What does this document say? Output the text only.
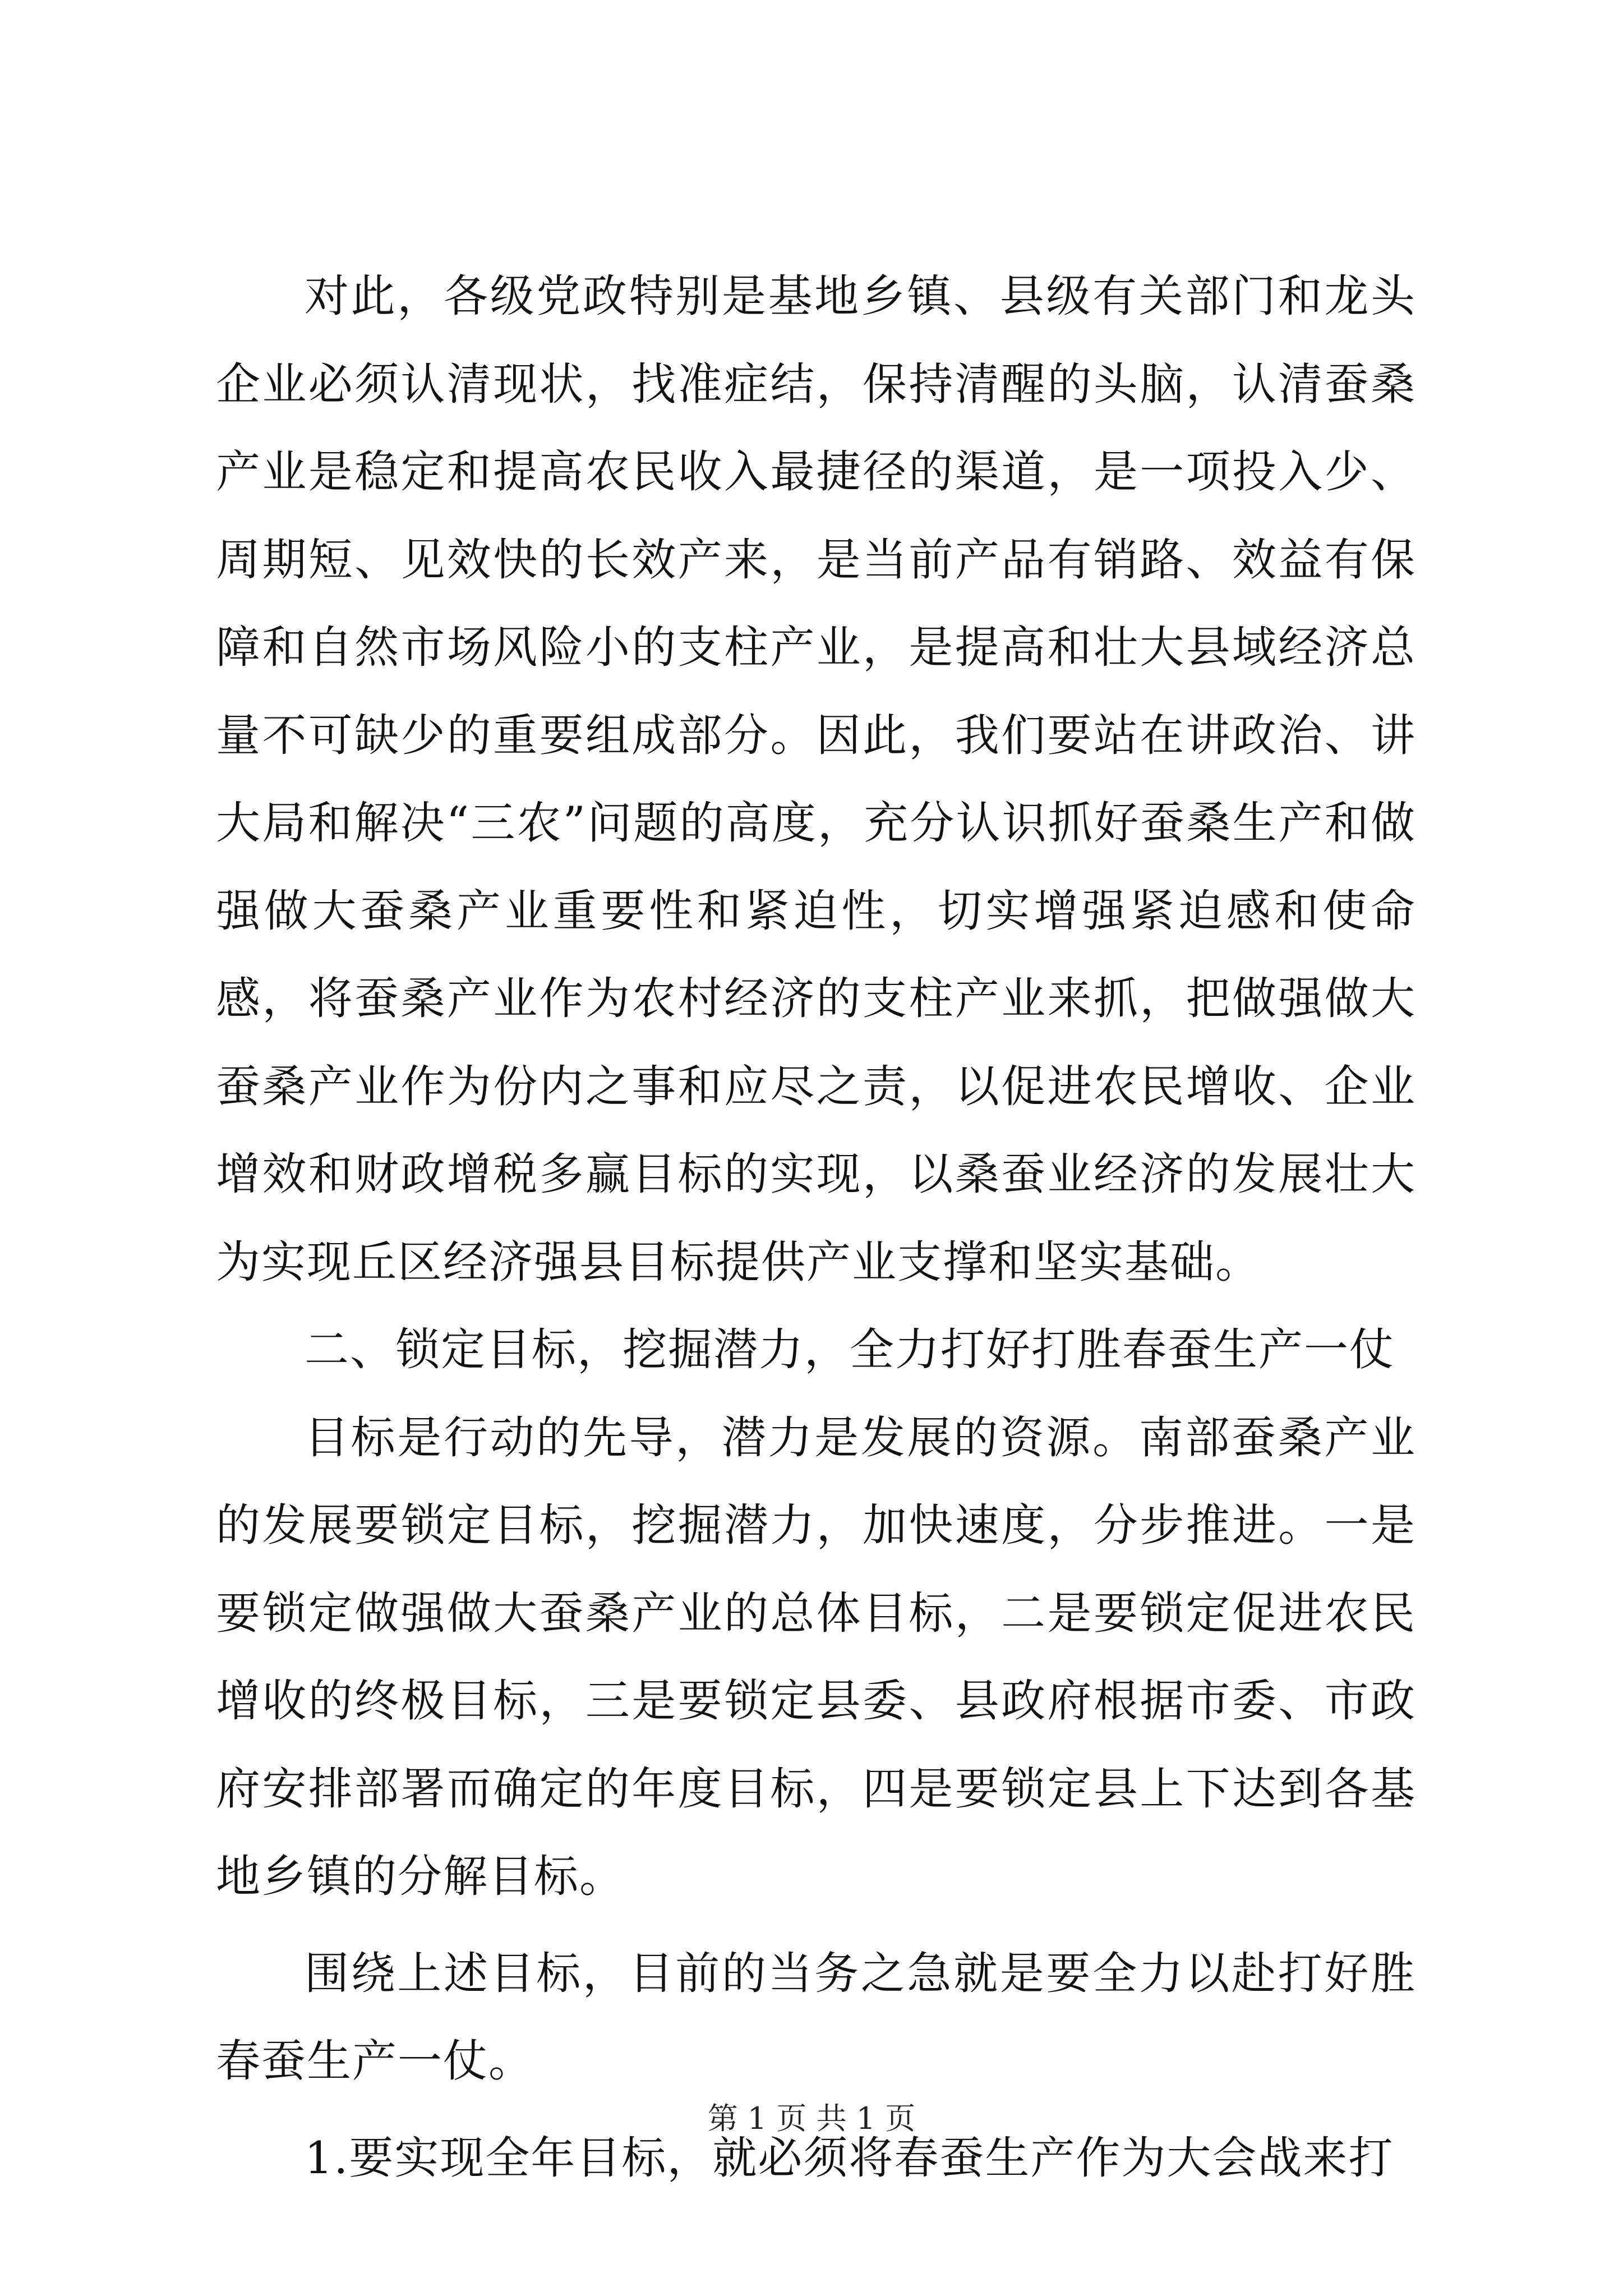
对此，各级党政特别是基地乡镇、县级有关部门和龙头企业必须认清现状，找准症结，保持清醒的头脑，认清蚕桑产业是稳定和提高农民收入最捷径的渠道，是一项投入少、周期短、见效快的长效产来，是当前产品有销路、效益有保障和自然市场风险小的支柱产业，是提高和壮大县域经济总量不可缺少的重要组成部分。因此，我们要站在讲政治、讲大局和解决“三农”问题的高度，充分认识抓好蚕桑生产和做强做大蚕桑产业重要性和紧迫性，切实增强紧迫感和使命感，将蚕桑产业作为农村经济的支柱产业来抓，把做强做大蚕桑产业作为份内之事和应尽之责，以促进农民增收、企业增效和财政增税多赢目标的实现，以桑蚕业经济的发展壮大为实现丘区经济强县目标提供产业支撑和坚实基础。

二、锁定目标，挖掘潜力，全力打好打胜春蚕生产一仗

目标是行动的先导，潜力是发展的资源。南部蚕桑产业的发展要锁定目标，挖掘潜力，加快速度，分步推进。一是要锁定做强做大蚕桑产业的总体目标，二是要锁定促进农民增收的终极目标，三是要锁定县委、县政府根据市委、市政府安排部署而确定的年度目标，四是要锁定县上下达到各基地乡镇的分解目标。

围绕上述目标，目前的当务之急就是要全力以赴打好胜春蚕生产一仗。

1.要实现全年目标，就必须将春蚕生产作为大会战来打

第 1 页 共 1 页
